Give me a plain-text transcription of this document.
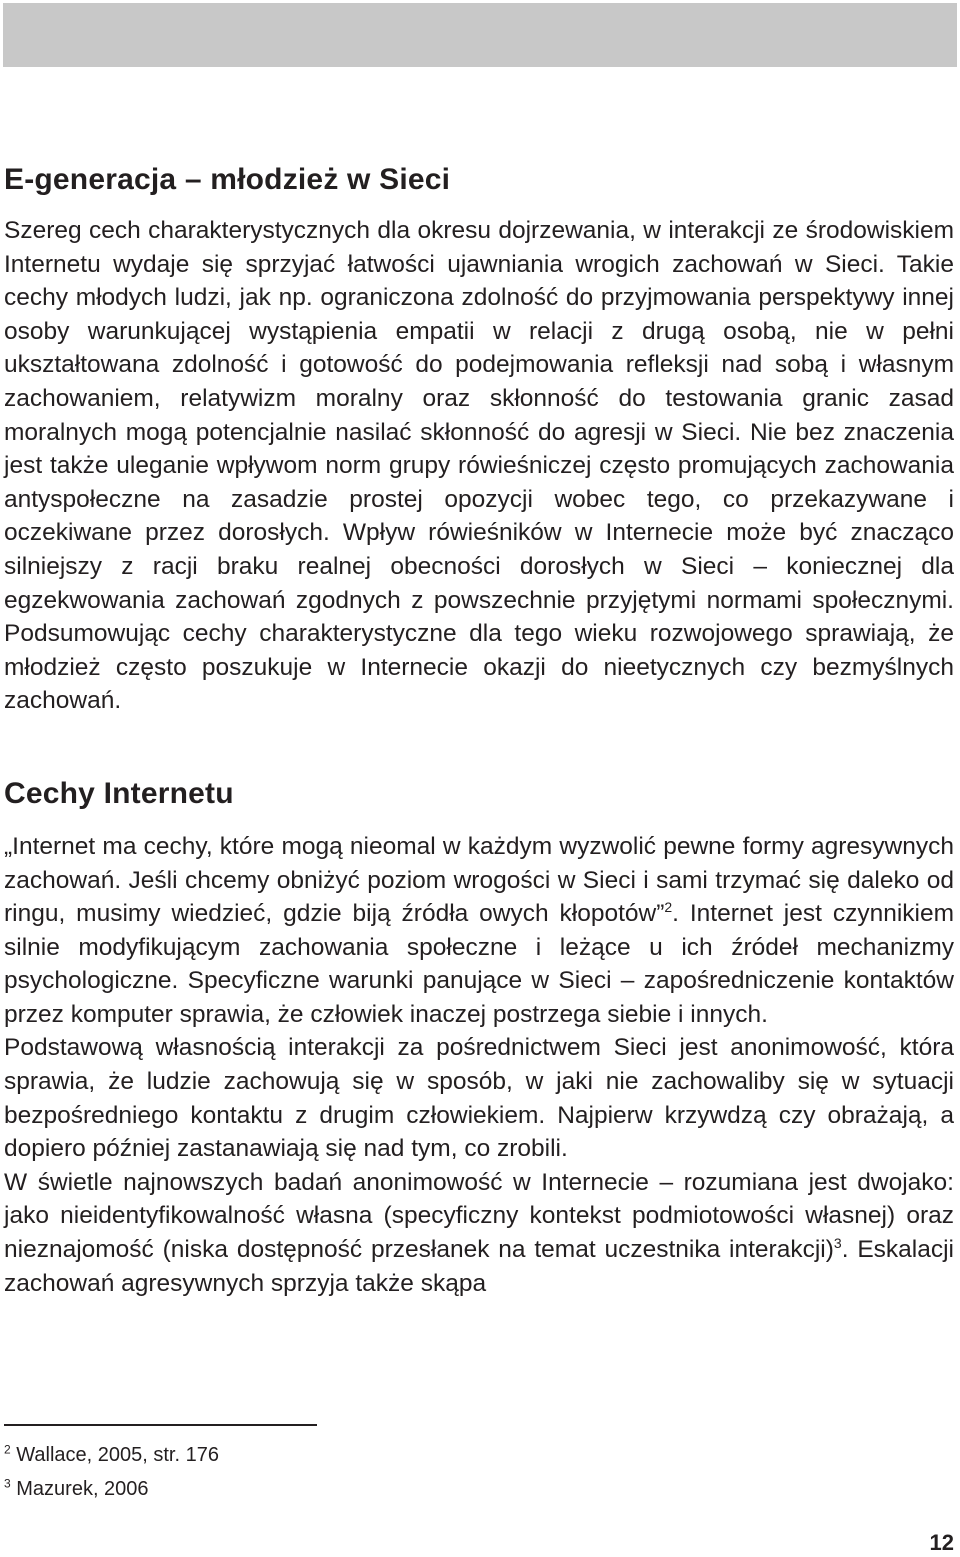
E-generacja – młodzież w Sieci

Szereg cech charakterystycznych dla okresu dojrzewania, w interakcji ze środowiskiem Internetu wydaje się sprzyjać łatwości ujawniania wrogich zachowań w Sieci. Takie cechy młodych ludzi, jak np. ograniczona zdolność do przyjmowania perspektywy innej osoby warunkującej wystąpienia empatii w relacji z drugą osobą, nie w pełni ukształtowana zdolność i gotowość do podejmowania refleksji nad sobą i własnym zachowaniem, relatywizm moralny oraz skłonność do testowania granic zasad moralnych mogą potencjalnie nasilać skłonność do agresji w Sieci. Nie bez znaczenia jest także uleganie wpływom norm grupy rówieśniczej często promujących zachowania antyspołeczne na zasadzie prostej opozycji wobec tego, co przekazywane i oczekiwane przez dorosłych. Wpływ rówieśników w Internecie może być znacząco silniejszy z racji braku realnej obecności dorosłych w Sieci – koniecznej dla egzekwowania zachowań zgodnych z powszechnie przyjętymi normami społecznymi. Podsumowując cechy charakterystyczne dla tego wieku rozwojowego sprawiają, że młodzież często poszukuje w Internecie okazji do nieetycznych czy bezmyślnych zachowań.

Cechy Internetu

„Internet ma cechy, które mogą nieomal w każdym wyzwolić pewne formy agresywnych zachowań. Jeśli chcemy obniżyć poziom wrogości w Sieci i sami trzymać się daleko od ringu, musimy wiedzieć, gdzie biją źródła owych kłopotów”$^2$. Internet jest czynnikiem silnie modyfikującym zachowania społeczne i leżące u ich źródeł mechanizmy psychologiczne. Specyficzne warunki panujące w Sieci – zapośredniczenie kontaktów przez komputer sprawia, że człowiek inaczej postrzega siebie i innych.

Podstawową własnością interakcji za pośrednictwem Sieci jest anonimowość, która sprawia, że ludzie zachowują się w sposób, w jaki nie zachowaliby się w sytuacji bezpośredniego kontaktu z drugim człowiekiem. Najpierw krzywdzą czy obrażają, a dopiero później zastanawiają się nad tym, co zrobili.

W świetle najnowszych badań anonimowość w Internecie – rozumiana jest dwojako: jako nieidentyfikowalność własna (specyficzny kontekst podmiotowości własnej) oraz nieznajomość (niska dostępność przesłanek na temat uczestnika interakcji)$^3$. Eskalacji zachowań agresywnych sprzyja także skąpa

$^2$ Wallace, 2005, str. 176
$^3$ Mazurek, 2006
12
